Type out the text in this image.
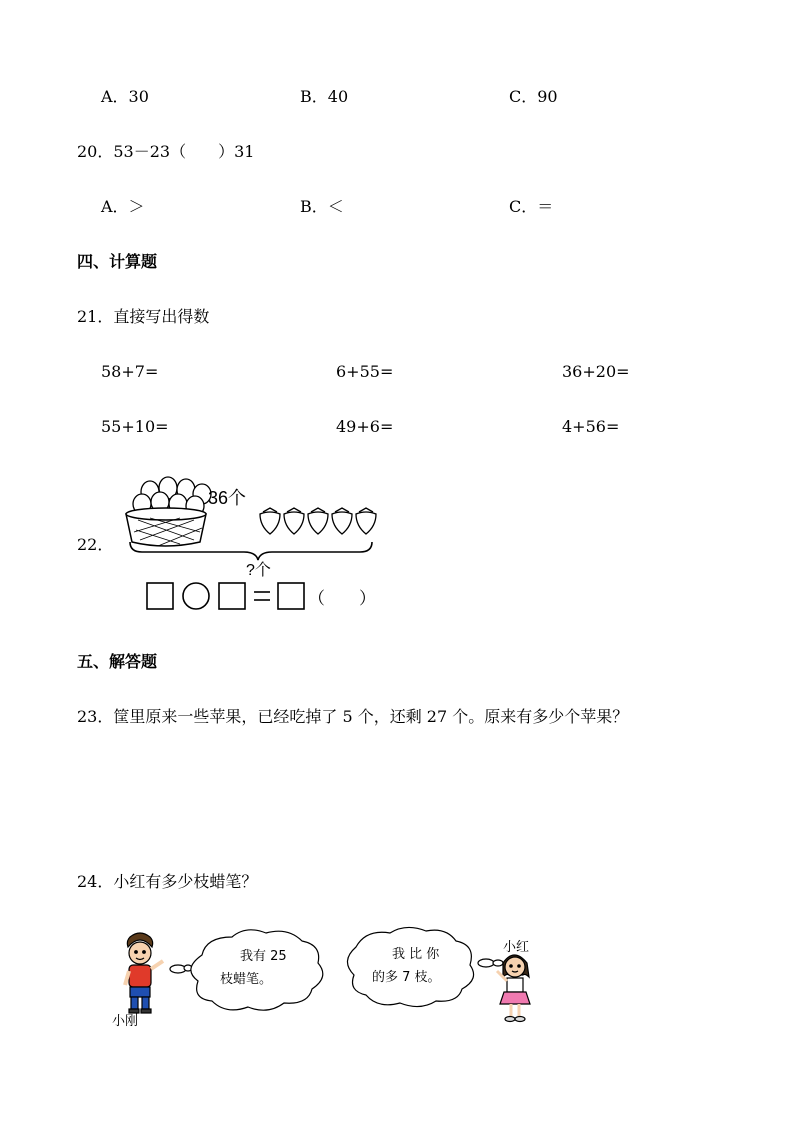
A．30	B．40	C．90
20．53－23（　　）31
A．＞	B．＜	C．＝
四、计算题
21．直接写出得数
58+7=	6+55=	36+20=
55+10=	49+6=	4+56=
22．
36个
?个
（　　）
五、解答题
23．筐里原来一些苹果，已经吃掉了 5 个，还剩 27 个。原来有多少个苹果？
24．小红有多少枝蜡笔？
小刚
我有 25
枝蜡笔。
我 比 你
的多 7 枝。
小红
